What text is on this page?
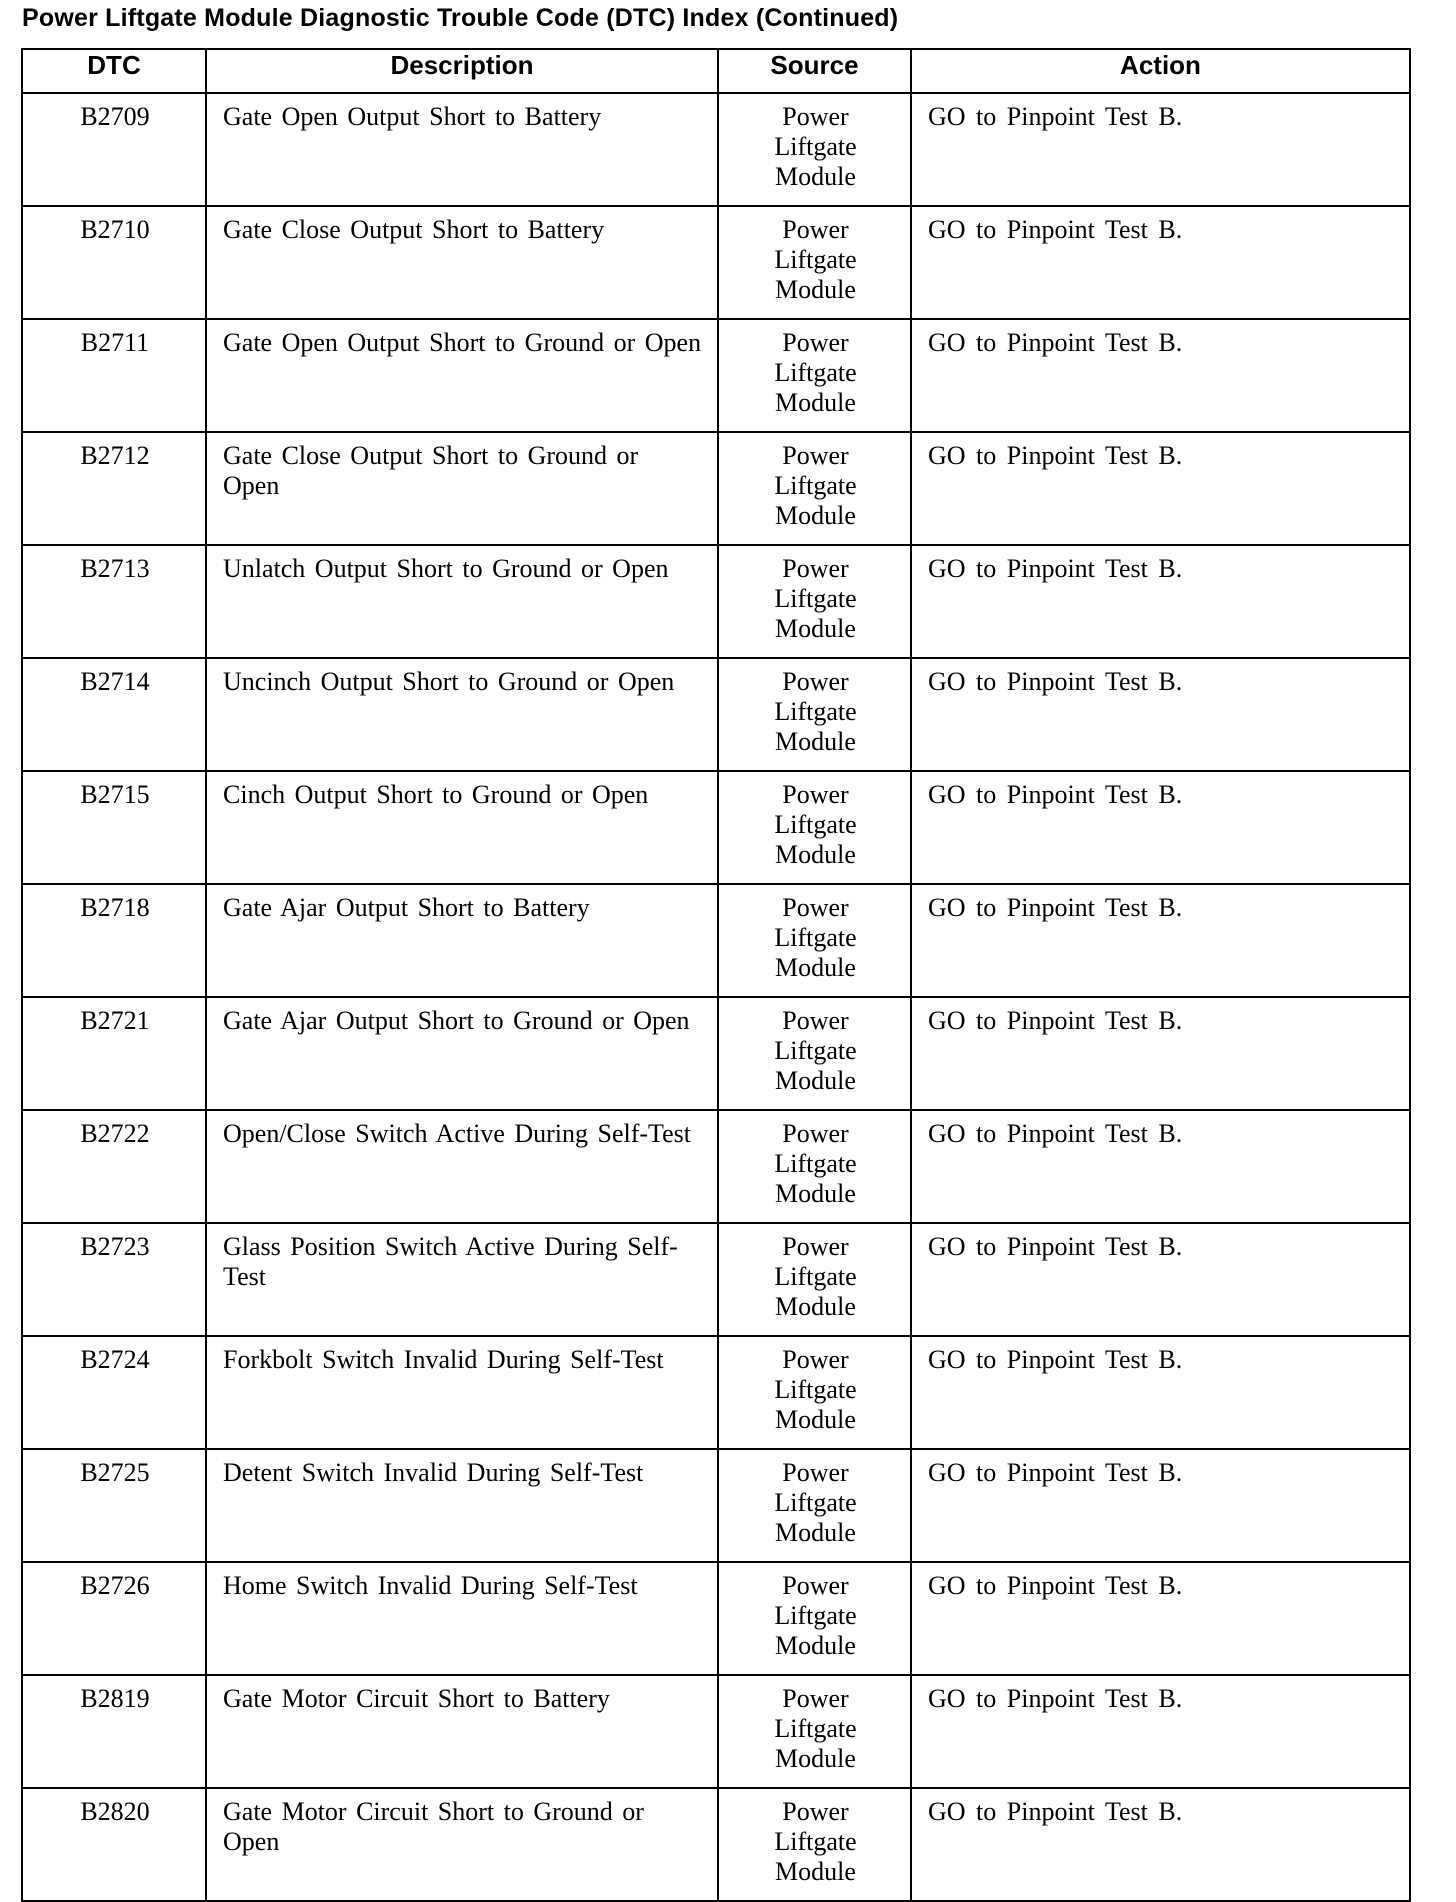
Power Liftgate Module Diagnostic Trouble Code (DTC) Index (Continued)
DTC	Description	Source	Action
B2709	Gate Open Output Short to Battery	Power
Liftgate
Module	GO to Pinpoint Test B.
B2710	Gate Close Output Short to Battery	Power
Liftgate
Module	GO to Pinpoint Test B.
B2711	Gate Open Output Short to Ground or Open	Power
Liftgate
Module	GO to Pinpoint Test B.
B2712	Gate Close Output Short to Ground or Open	Power
Liftgate
Module	GO to Pinpoint Test B.
B2713	Unlatch Output Short to Ground or Open	Power
Liftgate
Module	GO to Pinpoint Test B.
B2714	Uncinch Output Short to Ground or Open	Power
Liftgate
Module	GO to Pinpoint Test B.
B2715	Cinch Output Short to Ground or Open	Power
Liftgate
Module	GO to Pinpoint Test B.
B2718	Gate Ajar Output Short to Battery	Power
Liftgate
Module	GO to Pinpoint Test B.
B2721	Gate Ajar Output Short to Ground or Open	Power
Liftgate
Module	GO to Pinpoint Test B.
B2722	Open/Close Switch Active During Self-Test	Power
Liftgate
Module	GO to Pinpoint Test B.
B2723	Glass Position Switch Active During Self-Test	Power
Liftgate
Module	GO to Pinpoint Test B.
B2724	Forkbolt Switch Invalid During Self-Test	Power
Liftgate
Module	GO to Pinpoint Test B.
B2725	Detent Switch Invalid During Self-Test	Power
Liftgate
Module	GO to Pinpoint Test B.
B2726	Home Switch Invalid During Self-Test	Power
Liftgate
Module	GO to Pinpoint Test B.
B2819	Gate Motor Circuit Short to Battery	Power
Liftgate
Module	GO to Pinpoint Test B.
B2820	Gate Motor Circuit Short to Ground or Open	Power
Liftgate
Module	GO to Pinpoint Test B.
